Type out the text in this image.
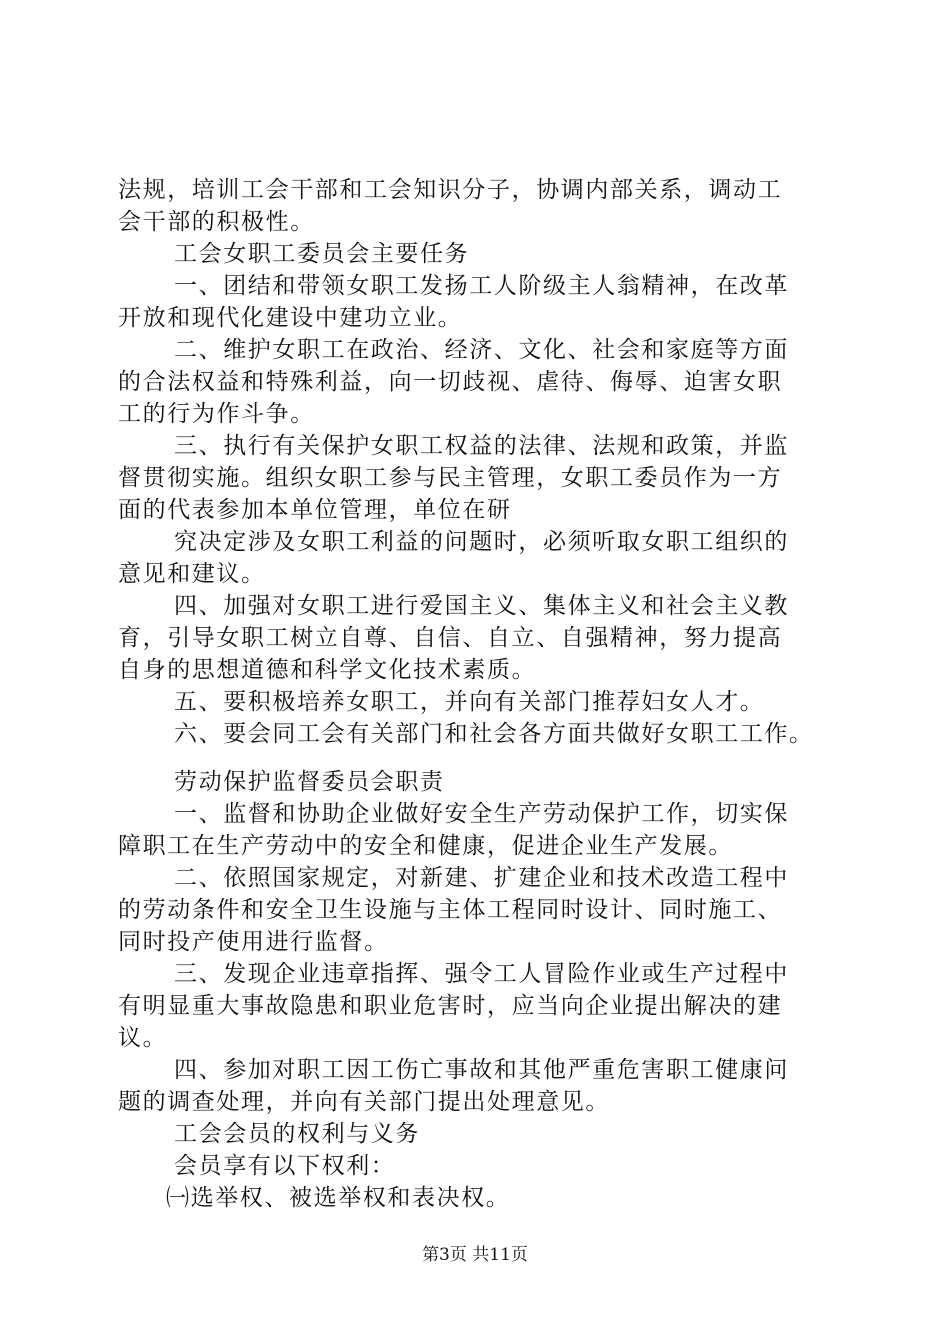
法规，培训工会干部和工会知识分子，协调内部关系，调动工
会干部的积极性。
工会女职工委员会主要任务
一、团结和带领女职工发扬工人阶级主人翁精神，在改革
开放和现代化建设中建功立业。
二、维护女职工在政治、经济、文化、社会和家庭等方面
的合法权益和特殊利益，向一切歧视、虐待、侮辱、迫害女职
工的行为作斗争。
三、执行有关保护女职工权益的法律、法规和政策，并监
督贯彻实施。组织女职工参与民主管理，女职工委员作为一方
面的代表参加本单位管理，单位在研
究决定涉及女职工利益的问题时，必须听取女职工组织的
意见和建议。
四、加强对女职工进行爱国主义、集体主义和社会主义教
育，引导女职工树立自尊、自信、自立、自强精神，努力提高
自身的思想道德和科学文化技术素质。
五、要积极培养女职工，并向有关部门推荐妇女人才。
六、要会同工会有关部门和社会各方面共做好女职工工作。
劳动保护监督委员会职责
一、监督和协助企业做好安全生产劳动保护工作，切实保
障职工在生产劳动中的安全和健康，促进企业生产发展。
二、依照国家规定，对新建、扩建企业和技术改造工程中
的劳动条件和安全卫生设施与主体工程同时设计、同时施工、
同时投产使用进行监督。
三、发现企业违章指挥、强令工人冒险作业或生产过程中
有明显重大事故隐患和职业危害时，应当向企业提出解决的建
议。
四、参加对职工因工伤亡事故和其他严重危害职工健康问
题的调查处理，并向有关部门提出处理意见。
工会会员的权利与义务
会员享有以下权利：
㈠选举权、被选举权和表决权。
第3页 共11页
